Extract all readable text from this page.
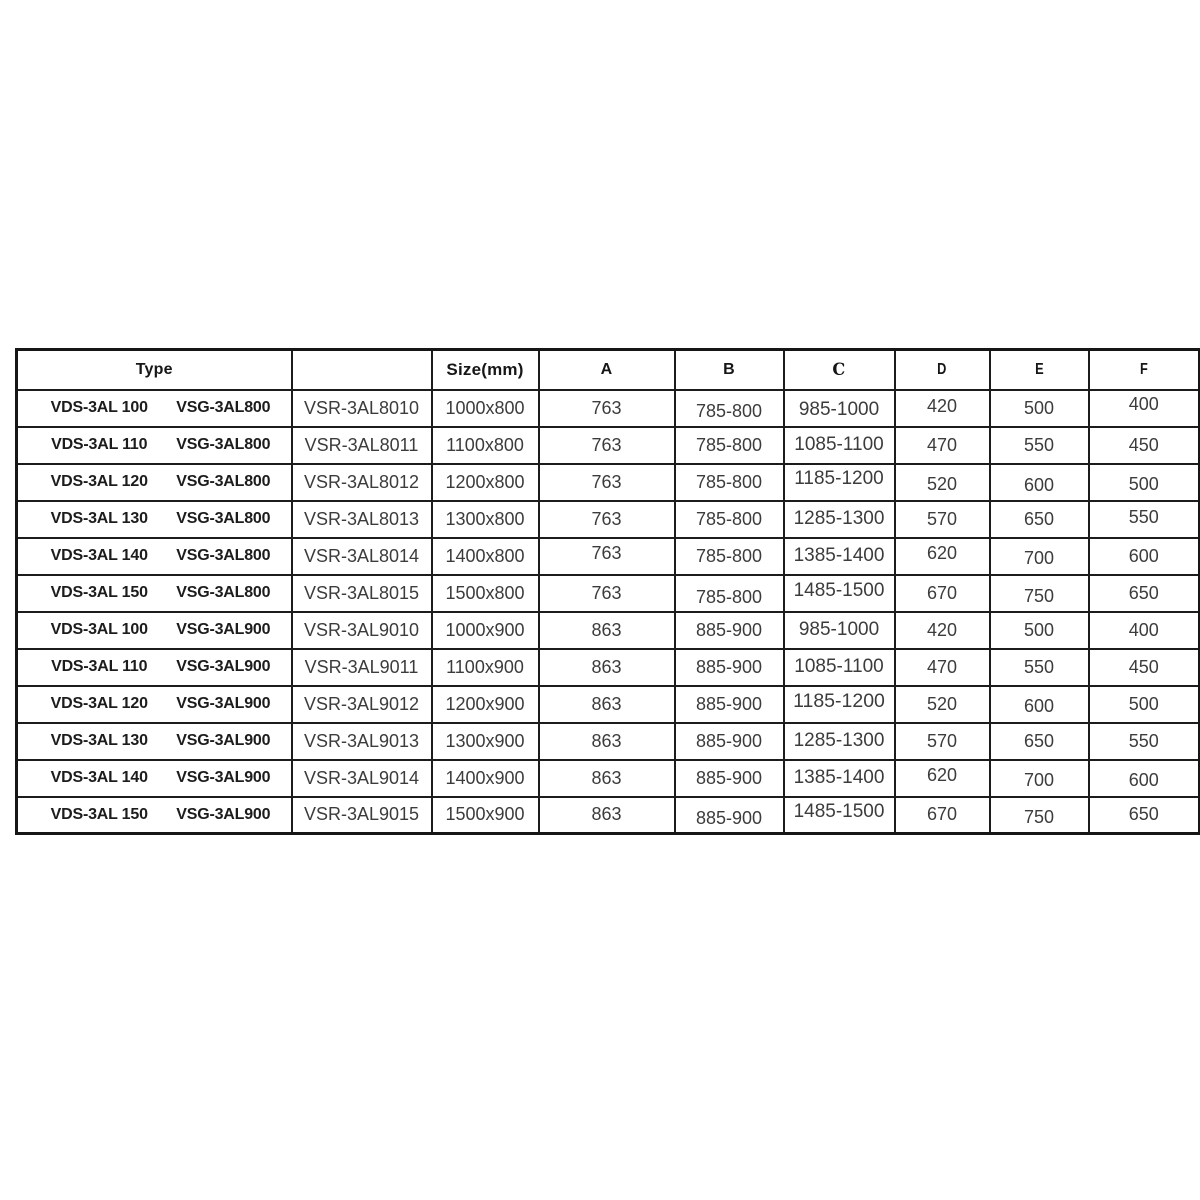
Type		Size(mm)	A	B	C	D	E	F
VDS-3AL 100 VSG-3AL800	VSR-3AL8010	1000x800	763	785-800	985-1000	420	500	400
VDS-3AL 110 VSG-3AL800	VSR-3AL8011	1100x800	763	785-800	1085-1100	470	550	450
VDS-3AL 120 VSG-3AL800	VSR-3AL8012	1200x800	763	785-800	1185-1200	520	600	500
VDS-3AL 130 VSG-3AL800	VSR-3AL8013	1300x800	763	785-800	1285-1300	570	650	550
VDS-3AL 140 VSG-3AL800	VSR-3AL8014	1400x800	763	785-800	1385-1400	620	700	600
VDS-3AL 150 VSG-3AL800	VSR-3AL8015	1500x800	763	785-800	1485-1500	670	750	650
VDS-3AL 100 VSG-3AL900	VSR-3AL9010	1000x900	863	885-900	985-1000	420	500	400
VDS-3AL 110 VSG-3AL900	VSR-3AL9011	1100x900	863	885-900	1085-1100	470	550	450
VDS-3AL 120 VSG-3AL900	VSR-3AL9012	1200x900	863	885-900	1185-1200	520	600	500
VDS-3AL 130 VSG-3AL900	VSR-3AL9013	1300x900	863	885-900	1285-1300	570	650	550
VDS-3AL 140 VSG-3AL900	VSR-3AL9014	1400x900	863	885-900	1385-1400	620	700	600
VDS-3AL 150 VSG-3AL900	VSR-3AL9015	1500x900	863	885-900	1485-1500	670	750	650
